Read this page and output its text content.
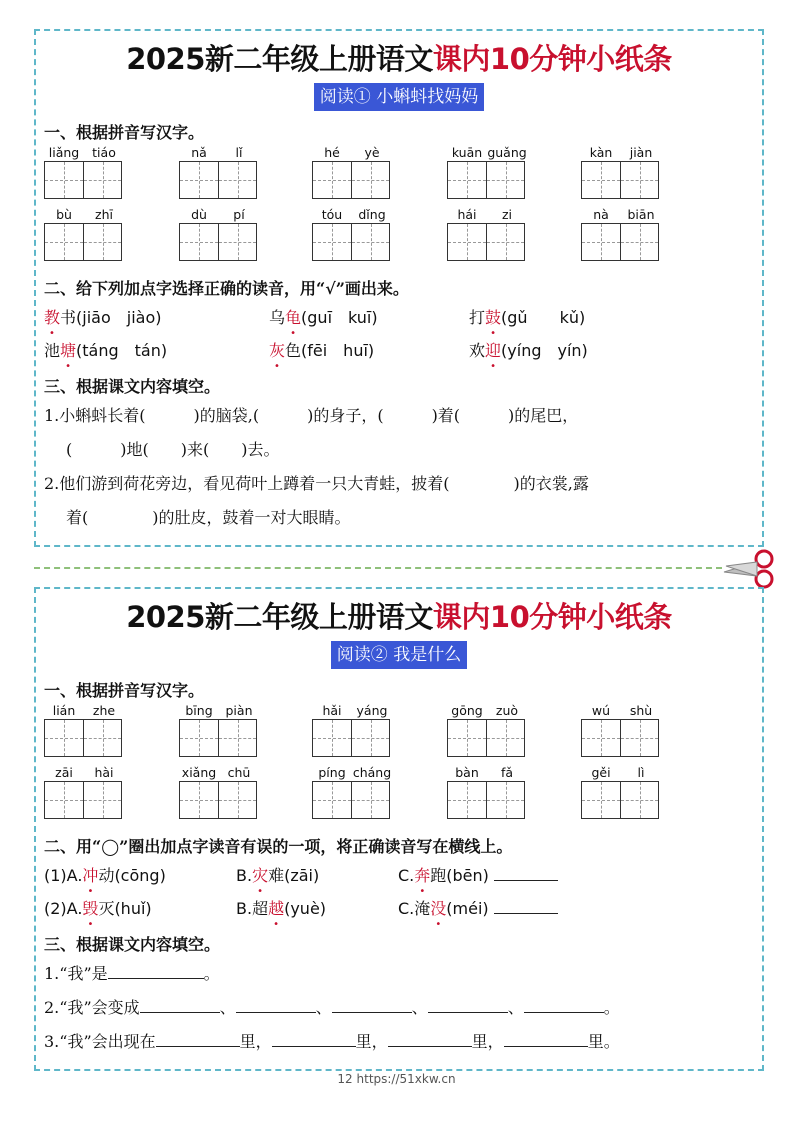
2025新二年级上册语文课内10分钟小纸条
阅读① 小蝌蚪找妈妈
一、根据拼音写汉字。
liǎng	tiáo	nǎ	lǐ	hé	yè	kuān guǎng	kàn	jiàn
bù	zhī	dù	pí	tóu	dǐng	hái	zi	nà	biān
二、给下列加点字选择正确的读音，用“√”画出来。
教书(jiāo　jiào)	乌龟(guī　kuī)	打鼓(gǔ　　kǔ)
池塘(táng　tán)	灰色(fēi　huī)	欢迎(yíng　yín)
三、根据课文内容填空。
1.小蝌蚪长着(　　　)的脑袋,(　　　)的身子，(　　　)着(　　　)的尾巴，
(　　　)地(　　)来(　　)去。
2.他们游到荷花旁边，看见荷叶上蹲着一只大青蛙，披着(　　　　)的衣裳,露
着(　　　　)的肚皮，鼓着一对大眼睛。
2025新二年级上册语文课内10分钟小纸条
阅读② 我是什么
一、根据拼音写汉字。
lián	zhe	bīng	piàn	hǎi	yáng	gōng	zuò	wú	shù
zāi	hài	xiǎng chū	píng cháng	bàn	fǎ	gěi	lì
二、用“◯”圈出加点字读音有误的一项，将正确读音写在横线上。
(1)A.冲动(cōng)	B.灾难(zāi)	C.奔跑(bēn)
(2)A.毁灭(huǐ)	B.超越(yuè)	C.淹没(méi)
三、根据课文内容填空。
1.“我”是	。
2.“我”会变成	、	、	、	、	。
3.“我”会出现在	里，	里，	里，	里。
12 https://51xkw.cn
